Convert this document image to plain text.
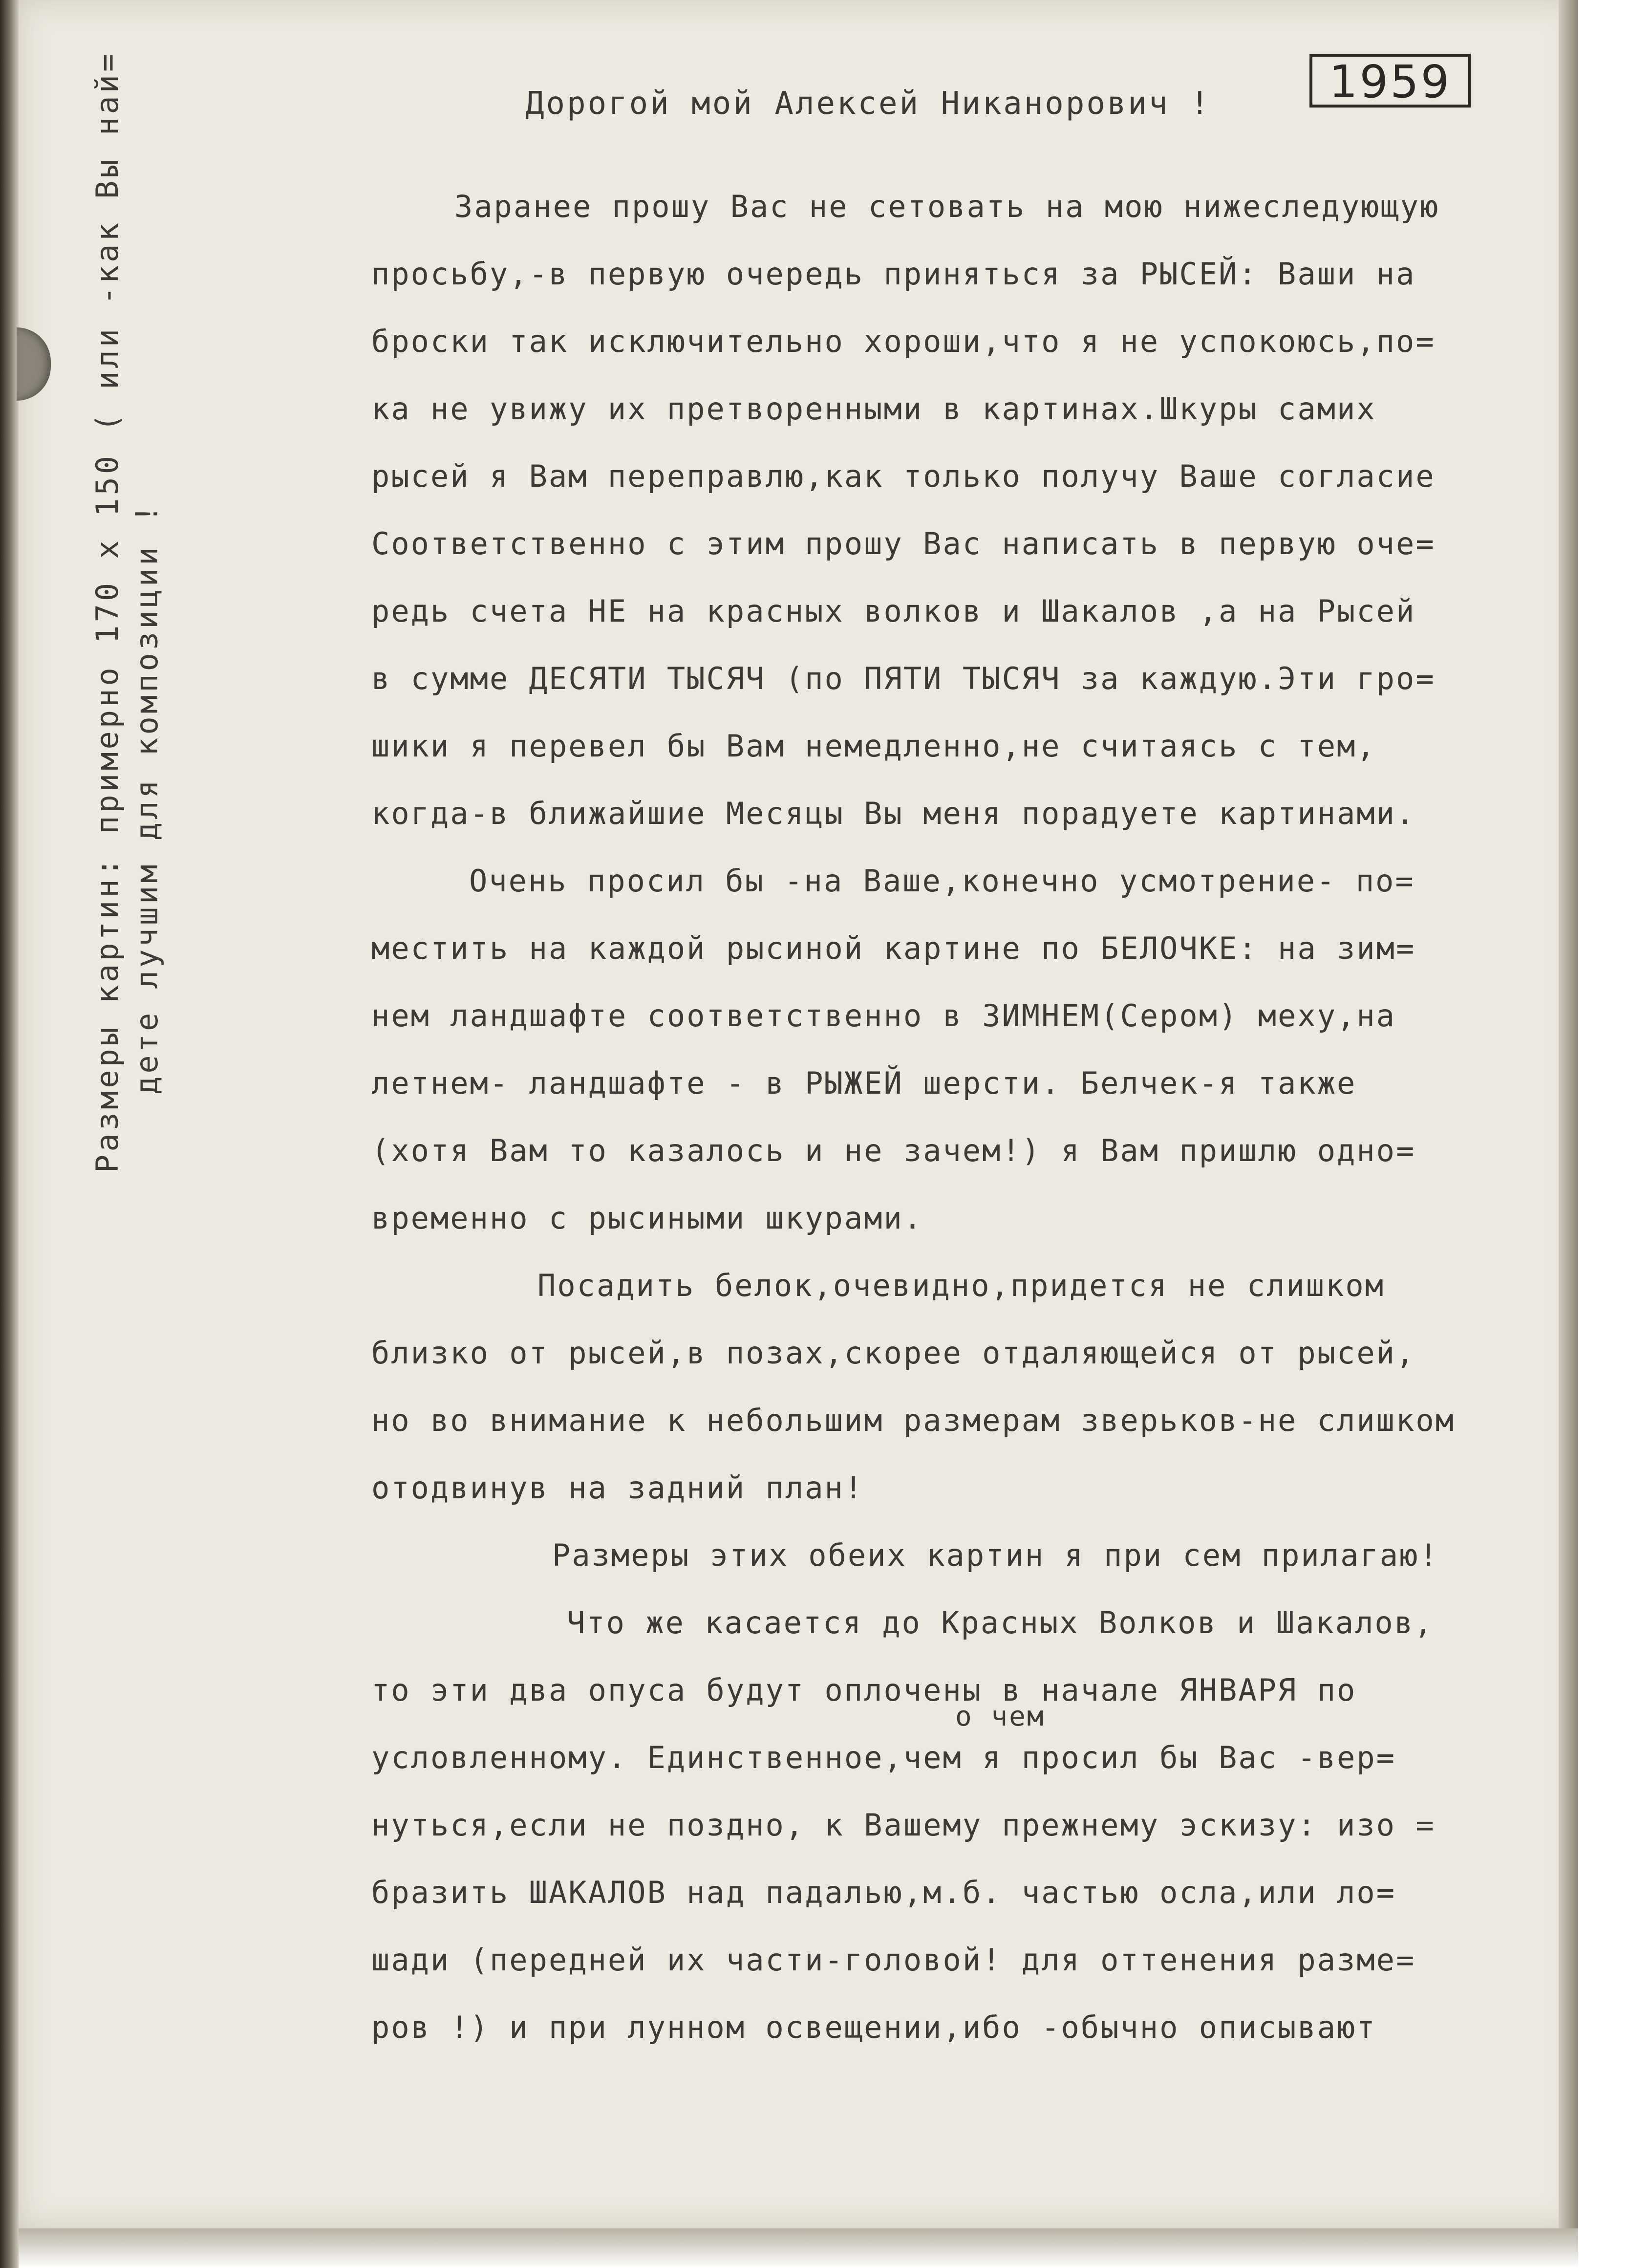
1959
Дорогой мой Алексей Никанорович !
Размеры картин: примерно 170 х 150 ( или -как Вы най= дете лучшим для композиции !
Заранее прошу Вас не сетовать на мою нижеследующую
просьбу,-в первую очередь приняться за РЫСЕЙ: Ваши на
броски так исключительно хороши,что я не успокоюсь,по=
ка не увижу их претворенными в картинах.Шкуры самих
рысей я Вам переправлю,как только получу Ваше согласие
Соответственно с этим прошу Вас написать в первую оче=
редь счета НЕ на красных волков и Шакалов ,а на Рысей
в сумме ДЕСЯТИ ТЫСЯЧ (по ПЯТИ ТЫСЯЧ за каждую.Эти гро=
шики я перевел бы Вам немедленно,не считаясь с тем,
когда-в ближайшие Месяцы Вы меня порадуете картинами.
Очень просил бы -на Ваше,конечно усмотрение- по=
местить на каждой рысиной картине по БЕЛОЧКЕ: на зим=
нем ландшафте соответственно в ЗИМНЕМ(Сером) меху,на
летнем- ландшафте - в РЫЖЕЙ шерсти. Белчек-я также
(хотя Вам то казалось и не зачем!) я Вам пришлю одно=
временно с рысиными шкурами.
Посадить белок,очевидно,придется не слишком
близко от рысей,в позах,скорее отдаляющейся от рысей,
но во внимание к небольшим размерам зверьков-не слишком
отодвинув на задний план!
Размеры этих обеих картин я при сем прилагаю!
Что же касается до Красных Волков и Шакалов,
то эти два опуса будут оплочены в начале ЯНВАРЯ по
о чем
условленному. Единственное,чем я просил бы Вас -вер=
нуться,если не поздно, к Вашему прежнему эскизу: изо =
бразить ШАКАЛОВ над падалью,м.б. частью осла,или ло=
шади (передней их части-головой! для оттенения разме=
ров !) и при лунном освещении,ибо -обычно описывают
